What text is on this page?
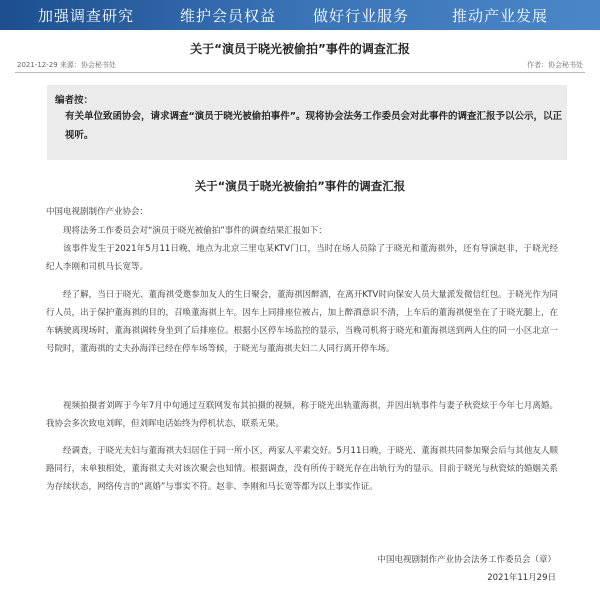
加强调查研究	维护会员权益 做好行业服务	推动产业发展
关于“演员于晓光被偷拍”事件的调查汇报
2021-12-29 来源：协会秘书处	作者：协会秘书处
编者按：
有关单位致函协会，请求调查“演员于晓光被偷拍事件”。现将协会法务工作委员会对此事件的调查汇报予以公示，以正视听。
关于“演员于晓光被偷拍”事件的调查汇报
中国电视剧制作产业协会：
现将法务工作委员会对“演员于晓光被偷拍”事件的调查结果汇报如下：
该事件发生于2021年5月11日晚，地点为北京三里屯某KTV门口，当时在场人员除了于晓光和董海祺外，还有导演赵非，于晓光经纪人李刚和司机马长宽等。
经了解，当日于晓光、董海祺受邀参加友人的生日聚会，董海祺因醉酒，在离开KTV时向保安人员大量派发微信红包。于晓光作为同行人员，出于保护董海祺的目的，召唤董海祺上车。因车上同排座位被占，加上醉酒意识不清，上车后的董海祺便坐在了于晓光腿上，在车辆驶离现场时，董海祺调转身坐到了后排座位。根据小区停车场监控的显示，当晚司机将于晓光和董海祺送到两人住的同一小区北京一号院时，董海祺的丈夫孙海洋已经在停车场等候，于晓光与董海祺夫妇二人同行离开停车场。
视频拍摄者刘晖于今年7月中旬通过互联网发布其拍摄的视频，称于晓光出轨董海祺，并因出轨事件与妻子秋瓷炫于今年七月离婚。我协会多次致电刘晖，但刘晖电话始终为停机状态，联系无果。
经调查，于晓光夫妇与董海祺夫妇居住于同一所小区，两家人平素交好。5月11日晚，于晓光、董海祺共同参加聚会后与其他友人顺路同行，未单独相处，董海祺丈夫对该次聚会也知情。根据调查，没有所传于晓光存在出轨行为的显示。目前于晓光与秋瓷炫的婚姻关系为存续状态，网络传言的“离婚”与事实不符。赵非、李刚和马长宽等都为以上事实作证。
中国电视剧制作产业协会法务工作委员会（章）
2021年11月29日
